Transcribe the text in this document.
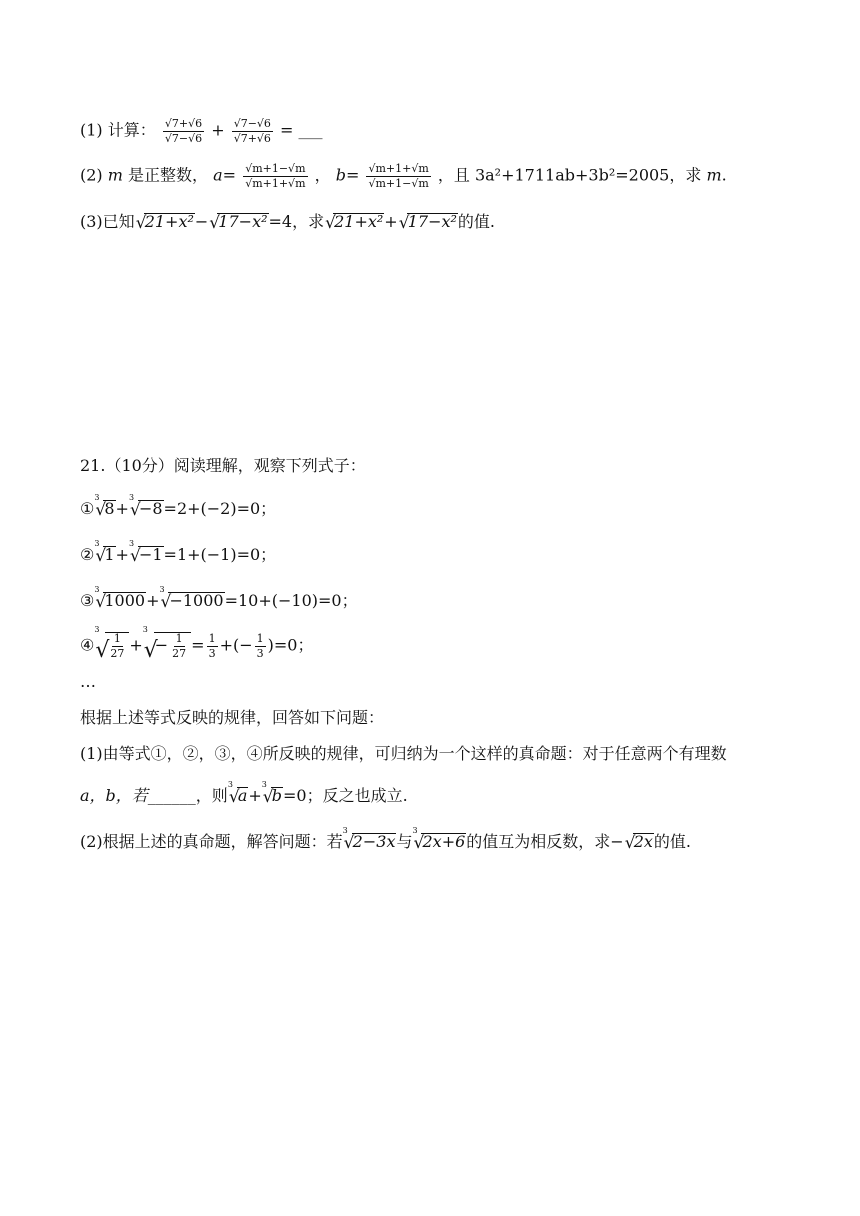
(1) 计算： $\frac{√7+√6}{√7-√6} + \frac{√7-√6}{√7+√6}$ = ___
(2) m 是正整数， $a= \frac{√m+1-√m}{√m+1+√m}$ ， $b= \frac{√m+1+√m}{√m+1-√m}$ ，且 3a²+1711ab+3b²=2005，求 m.
(3)已知 √
21+x²− √
17−x²=4，求 √
21+x²+ √
17−x²的值.
21.（10分）阅读理解，观察下列式子：
①
3
√
8+
3
√
−8=2+(−2)=0；
②
3
√
1+
3
√
−1=1+(−1)=0；
③
3
√
1000+
3
√
−1000=10+(−10)=0；
④
3
√
$\frac{1}{27}$ +
3
√
− $\frac{1}{27} = \frac{1}{3}$ +(− $\frac{1}{3} )=0$；
…
根据上述等式反映的规律，回答如下问题：
(1)由等式①，②，③，④所反映的规律，可归纳为一个这样的真命题：对于任意两个有理数
a，b，若______，则
3
√
a+
3
√
b=0；反之也成立.
(2)根据上述的真命题，解答问题：若
3
√
2−3x与
3
√
2x+6的值互为相反数，求− √
2x的值.
